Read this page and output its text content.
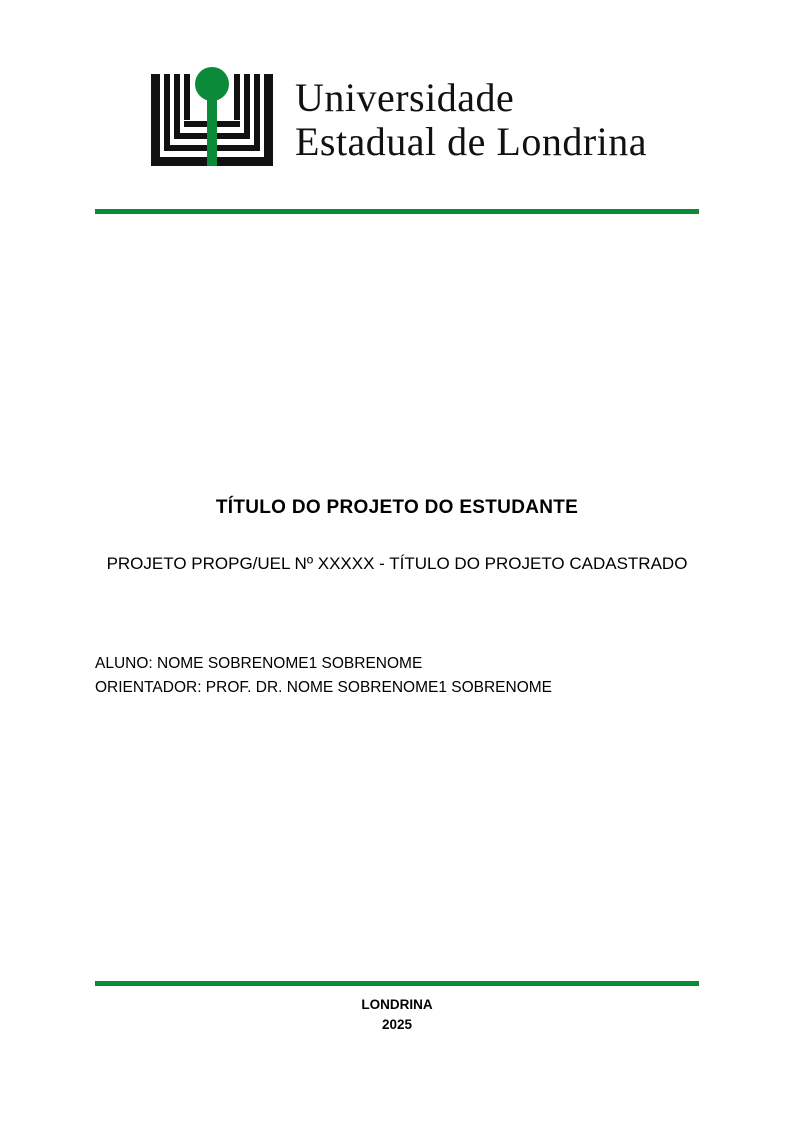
Universidade
Estadual de Londrina
TÍTULO DO PROJETO DO ESTUDANTE

PROJETO PROPG/UEL Nº XXXXX - TÍTULO DO PROJETO CADASTRADO

ALUNO: NOME SOBRENOME1 SOBRENOME

ORIENTADOR: PROF. DR. NOME SOBRENOME1 SOBRENOME

LONDRINA
2025
